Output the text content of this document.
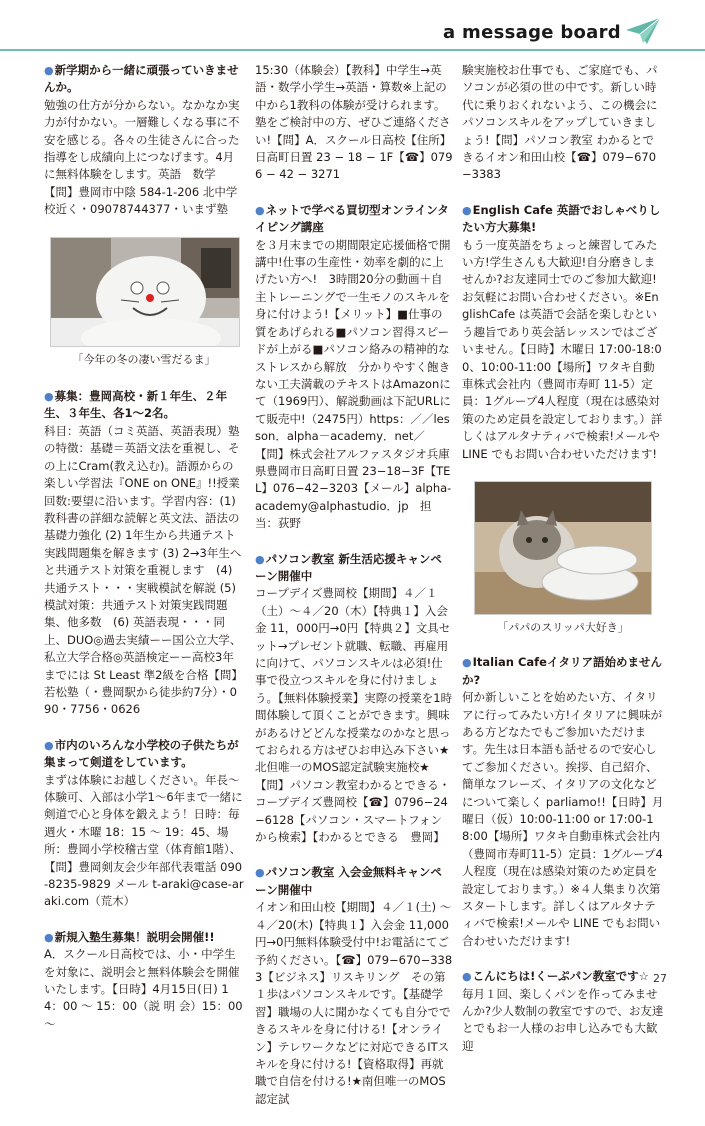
a message board
●新学期から一緒に頑張っていきませんか。
勉強の仕方が分からない。なかなか実力が付かない。一層難しくなる事に不安を感じる。各々の生徒さんに合った指導をし成績向上につなげます。4月に無料体験をします。英語　数学【問】豊岡市中陰 584-1-206 北中学校近く・09078744377・いまず塾
「今年の冬の凄い雪だるま」
●募集：豊岡高校・新１年生、２年生、３年生、各1～2名。
科目：英語（コミ英語、英語表現）塾の特徴：基礎＝英語文法を重視し、その上にCram(教え込む)。語源からの楽しい学習法『ONE on ONE』!!授業回数:要望に沿います。学習内容：(1) 教科書の詳細な読解と英文法、語法の基礎力強化 (2) 1年生から共通テスト実践問題集を解きます (3) 2→3年生へと共通テスト対策を重視します　(4) 共通テスト・・・実戦模試を解説 (5) 模試対策：共通テスト対策実践問題集、他多数　(6) 英語表現・・・同上、DUO◎過去実績ーー国公立大学、私立大学合格◎英語検定ーー高校3年までには St Least 準2級を合格【問】若松塾（・豊岡駅から徒歩約7分）・090・7756・0626
●市内のいろんな小学校の子供たちが集まって剣道をしています。
まずは体験にお越しください。年長～体験可、入部は小学1～6年まで一緒に剣道で心と身体を鍛えよう！日時：毎週火・木曜 18：15 ～ 19：45、場所：豊岡小学校稽古堂（体育館1階）、【問】豊岡剣友会少年部代表電話 090-8235-9829 メール t-araki@case-araki.com（荒木）
●新規入塾生募集！説明会開催!!
A．スクール日高校では、小・中学生を対象に、説明会と無料体験会を開催いたします。【日時】4月15日(日) 14：00 ～ 15：00（説 明 会）15：00 ～
15:30（体験会）【教科】中学生→英語・数学小学生→英語・算数※上記の中から1教科の体験が受けられます。塾をご検討中の方、ぜひご連絡ください!【問】A．スクール日高校【住所】日高町日置 23 − 18 − 1F【☎】0796 − 42 − 3271
●ネットで学べる買切型オンラインタイピング講座
を３月末までの期間限定応援価格で開講中!仕事の生産性・効率を劇的に上げたい方へ!　3時間20分の動画＋自主トレーニングで一生モノのスキルを身に付けよう!【メリット】■仕事の質をあげられる■パソコン習得スピードが上がる■パソコン絡みの精神的なストレスから解放　分かりやすく飽きない工夫満載のテキストはAmazonにて（1969円）、解説動画は下記URLにて販売中!（2475円）https：／／lesson．alpha－academy．net／　【問】株式会社アルファスタジオ兵庫県豊岡市日高町日置 23−18−3F【TEL】076−42−3203【メール】alpha-academy@alphastudio．jp　担当：荻野
●パソコン教室 新生活応援キャンペーン開催中
コープデイズ豊岡校【期間】４／１（土）～４／20（木）【特典１】入会金 11，000円→0円【特典２】文具セット→プレゼント就職、転職、再雇用に向けて、パソコンスキルは必須!仕事で役立つスキルを身に付けましょう。【無料体験授業】実際の授業を1時間体験して頂くことができます。興味があるけどどんな授業なのかなと思っておられる方はぜひお申込み下さい★北但唯一のMOS認定試験実施校★【問】パソコン教室わかるとできる・コープデイズ豊岡校【☎】0796−24−6128【パソコン・スマートフォンから検索】【わかるとできる　豊岡】
●パソコン教室 入会金無料キャンペーン開催中
イオン和田山校【期間】４／１(土) ～４／20(木)【特典１】入会金 11,000円→0円無料体験受付中!お電話にてご予約ください。【☎】079−670−3383【ビジネス】リスキリング　その第１歩はパソコンスキルです。【基礎学習】職場の人に聞かなくても自分でできるスキルを身に付ける!【オンライン】テレワークなどに対応できるITスキルを身に付ける!【資格取得】再就職で自信を付ける!★南但唯一のMOS認定試
験実施校お仕事でも、ご家庭でも、パソコンが必須の世の中です。新しい時代に乗りおくれないよう、この機会にパソコンスキルをアップしていきましょう!【問】パソコン教室 わかるとできるイオン和田山校【☎】079−670−3383
●English Cafe 英語でおしゃべりしたい方大募集!
もう一度英語をちょっと練習してみたい方!学生さんも大歓迎!自分磨きしませんか?お友達同士でのご参加大歓迎!お気軽にお問い合わせください。※EnglishCafe は英語で会話を楽しむという趣旨であり英会話レッスンではございません。【日時】木曜日 17:00-18:00、10:00-11:00【場所】ワタキ自動車株式会社内（豊岡市寿町 11-5）定員：1グループ4人程度（現在は感染対策のため定員を設定しております。）詳しくはアルタナティバで検索!メールや LINE でもお問い合わせいただけます!
「パパのスリッパ大好き」
●Italian Cafeイタリア語始めませんか?
何か新しいことを始めたい方、イタリアに行ってみたい方!イタリアに興味がある方どなたでもご参加いただけます。先生は日本語も話せるので安心してご参加ください。挨拶、自己紹介、簡単なフレーズ、イタリアの文化などについて楽しく parliamo!!【日時】月曜日（仮）10:00-11:00 or 17:00-18:00【場所】ワタキ自動車株式会社内（豊岡市寿町11-5）定員：1グループ4人程度（現在は感染対策のため定員を設定しております。）※４人集まり次第スタートします。詳しくはアルタナティバで検索!メールや LINE でもお問い合わせいただけます!
●こんにちは!くーぷパン教室です☆
毎月１回、楽しくパンを作ってみませんか?少人数制の教室ですので、お友達とでもお一人様のお申し込みでも大歓迎
27
